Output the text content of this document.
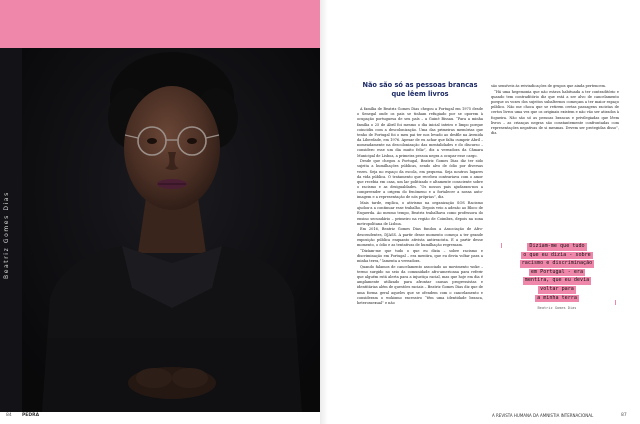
Beatriz Gomes Dias
84 PEDRA
Não são só as pessoas brancas que lêem livros

A família de Beatriz Gomes Dias chegou a Portugal em 1975 desde o Senegal onde os pais se tinham refugiado por se oporem à ocupação portuguesa de seu país – a Guiné Bissau. “Para a minha família o 25 de Abril foi mesmo o dia inicial inteiro e limpo porque coincidiu com a descolonização. Uma das primeiras memórias que tenho de Portugal foi o meu pai ter nos levado ao desfile na Avenida da Liberdade, em 1976. Apesar de eu achar que falta cumprir Abril – nomeadamente na descolonização das mentalidades e do discurso – considero esse um dia muito feliz”, diz a vereadora da Câmara Municipal de Lisboa, a primeira pessoa negra a ocupar esse cargo.

Desde que chegou a Portugal, Beatriz Gomes Dias diz ter sido sujeita a humilhações públicas, sendo alvo de ódio por diversas vezes. Seja no espaço da escola, em pequena. Seja noutros lugares da vida pública. O tratamento que recebeu contrariava com o amor que recebia em casa, um lar politizado e altamente consciente sobre o racismo e as desigualdades. “Os nossos pais ajudaram-nos a compreender a origem do fenómeno e a fortalecer a nossa auto-imagem e a representação de nós próprias”, diz.

Mais tarde, explica, o ativismo na organização SOS Racismo ajudou-a a continuar esse trabalho. Depois veio a adesão ao Bloco de Esquerda. Ao mesmo tempo, Beatriz trabalhava como professora do ensino secundário – primeiro na região de Coimbra, depois na zona metropolitana de Lisboa.

Em 2016, Beatriz Gomes Dias fundou a Associação de Afro-descendentes, DJASS. A partir desse momento começa a ter grande exposição pública enquanto ativista antirracista. E a partir desse momento, o ódio e as tentativas de humilhação regressam.

“Dizíam-me que tudo o que eu dizia – sobre racismo e discriminação em Portugal – era mentira, que eu devia voltar para a minha terra,” lamenta a vereadora.

Quando falamos de cancelamento associado ao movimento woke – termo surgido no seio da comunidade afro-americana para referir que alguém está alerta para a injustiça racial, mas que hoje em dia é amplamente utilizado para afrontar causas progressistas e identitárias além de questões raciais – Beatriz Gomes Dias diz que de uma forma geral aqueles que se ofendem com o cancelamento e consideram o wokismo excessivo “têm uma identidade branca, heterossexual” e não

são sensíveis às reivindicações de grupos que ainda pertencem.

“Há uma hegemonia que não estava habituada a ter contraditório e quando tem contraditório diz que está a ser alvo de cancelamento porque os vozes dos sujeitos subalternos começam a ter maior espaço público. Não me choca que se retirem certas passagens racistas de certos livros uma vez que os originais existem e não vão ser atirados à fogueira. Não são só as pessoas brancas e privilegiadas que lêem livros – as crianças negras são constantemente confrontadas com representações negativas de si mesmas. Devem ser protegidas disso”, diz.

Diziam-me que tudo
o que eu dizia - sobre
racismo e discriminação
em Portugal - era
mentira, que eu devia
voltar para
a minha terra
Beatriz Gomes Dias
A REVISTA HUMANA DA AMNISTIA INTERNACIONAL	87
